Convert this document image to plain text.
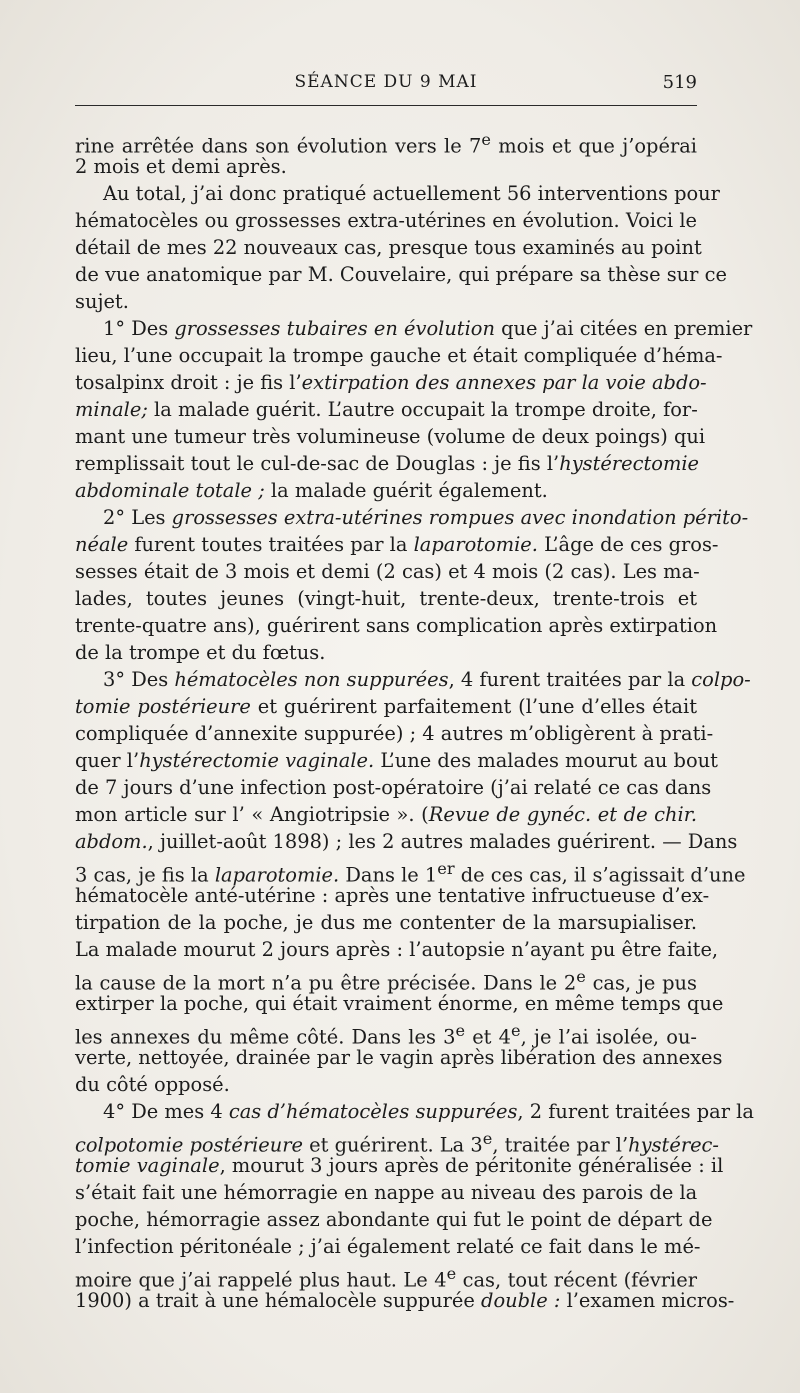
SÉANCE DU 9 MAI	519
rine arrêtée dans son évolution vers le 7e mois et que j’opérai
2 mois et demi après.
Au total, j’ai donc pratiqué actuellement 56 interventions pour
hématocèles ou grossesses extra-utérines en évolution. Voici le
détail de mes 22 nouveaux cas, presque tous examinés au point
de vue anatomique par M. Couvelaire, qui prépare sa thèse sur ce
sujet.
1° Des grossesses tubaires en évolution que j’ai citées en premier
lieu, l’une occupait la trompe gauche et était compliquée d’héma-
tosalpinx droit : je fis l’extirpation des annexes par la voie abdo-
minale; la malade guérit. L’autre occupait la trompe droite, for-
mant une tumeur très volumineuse (volume de deux poings) qui
remplissait tout le cul-de-sac de Douglas : je fis l’hystérectomie
abdominale totale ; la malade guérit également.
2° Les grossesses extra-utérines rompues avec inondation périto-
néale furent toutes traitées par la laparotomie. L’âge de ces gros-
sesses était de 3 mois et demi (2 cas) et 4 mois (2 cas). Les ma-
lades, toutes jeunes (vingt-huit, trente-deux, trente-trois et
trente-quatre ans), guérirent sans complication après extirpation
de la trompe et du fœtus.
3° Des hématocèles non suppurées, 4 furent traitées par la colpo-
tomie postérieure et guérirent parfaitement (l’une d’elles était
compliquée d’annexite suppurée) ; 4 autres m’obligèrent à prati-
quer l’hystérectomie vaginale. L’une des malades mourut au bout
de 7 jours d’une infection post-opératoire (j’ai relaté ce cas dans
mon article sur l’ « Angiotripsie ». (Revue de gynéc. et de chir.
abdom., juillet-août 1898) ; les 2 autres malades guérirent. — Dans
3 cas, je fis la laparotomie. Dans le 1er de ces cas, il s’agissait d’une
hématocèle anté-utérine : après une tentative infructueuse d’ex-
tirpation de la poche, je dus me contenter de la marsupialiser.
La malade mourut 2 jours après : l’autopsie n’ayant pu être faite,
la cause de la mort n’a pu être précisée. Dans le 2e cas, je pus
extirper la poche, qui était vraiment énorme, en même temps que
les annexes du même côté. Dans les 3e et 4e, je l’ai isolée, ou-
verte, nettoyée, drainée par le vagin après libération des annexes
du côté opposé.
4° De mes 4 cas d’hématocèles suppurées, 2 furent traitées par la
colpotomie postérieure et guérirent. La 3e, traitée par l’hystérec-
tomie vaginale, mourut 3 jours après de péritonite généralisée : il
s’était fait une hémorragie en nappe au niveau des parois de la
poche, hémorragie assez abondante qui fut le point de départ de
l’infection péritonéale ; j’ai également relaté ce fait dans le mé-
moire que j’ai rappelé plus haut. Le 4e cas, tout récent (février
1900) a trait à une hémalocèle suppurée double : l’examen micros-
